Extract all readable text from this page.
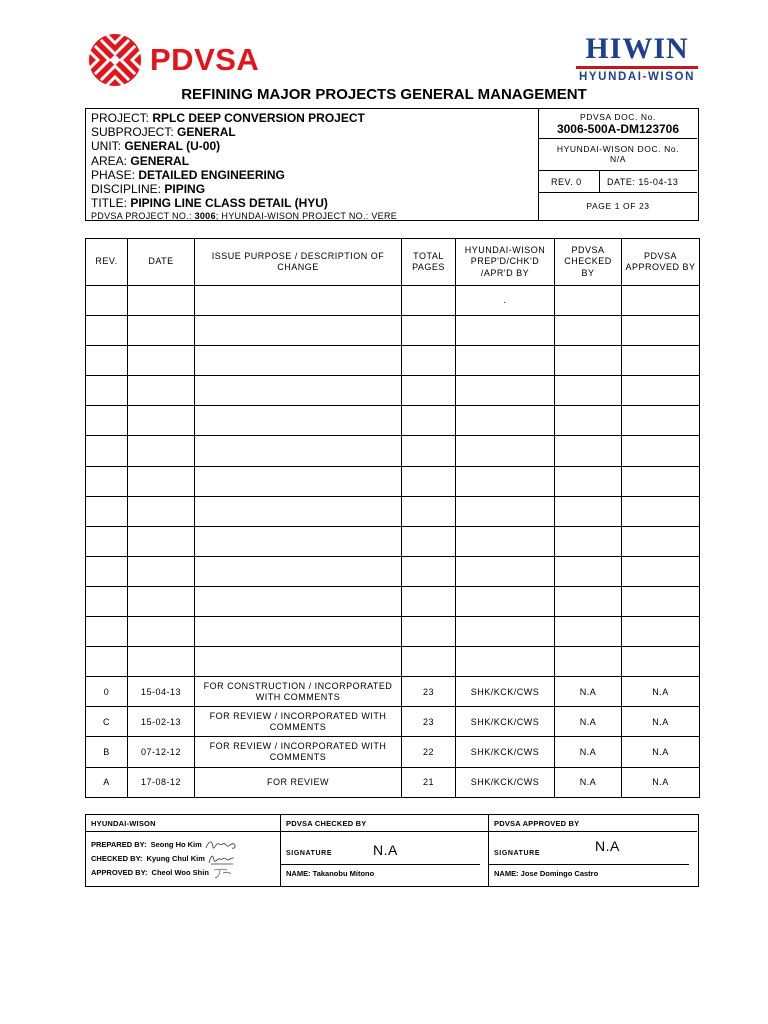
PDVSA	HIWIN
HYUNDAI-WISON
REFINING MAJOR PROJECTS GENERAL MANAGEMENT
PROJECT: RPLC DEEP CONVERSION PROJECT
SUBPROJECT: GENERAL
UNIT: GENERAL (U-00)
AREA: GENERAL
PHASE: DETAILED ENGINEERING
DISCIPLINE: PIPING
TITLE: PIPING LINE CLASS DETAIL (HYU)
PDVSA PROJECT NO.: 3006; HYUNDAI-WISON PROJECT NO.: VERE
PDVSA DOC. No.
3006-500A-DM123706
HYUNDAI-WISON DOC. No.
N/A
REV. 0	DATE: 15-04-13
PAGE 1 OF 23
REV.	DATE	ISSUE PURPOSE / DESCRIPTION OF CHANGE	TOTAL PAGES	HYUNDAI-WISON PREP'D/CHK'D /APR'D BY	PDVSA CHECKED BY	PDVSA APPROVED BY
				.		

0	15-04-13	FOR CONSTRUCTION / INCORPORATED WITH COMMENTS	23	SHK/KCK/CWS	N.A	N.A
C	15-02-13	FOR REVIEW / INCORPORATED WITH COMMENTS	23	SHK/KCK/CWS	N.A	N.A
B	07-12-12	FOR REVIEW / INCORPORATED WITH COMMENTS	22	SHK/KCK/CWS	N.A	N.A
A	17-08-12	FOR REVIEW	21	SHK/KCK/CWS	N.A	N.A
HYUNDAI-WISON
PREPARED BY: Seong Ho Kim
CHECKED BY: Kyung Chul Kim
APPROVED BY: Cheol Woo Shin
PDVSA CHECKED BY
SIGNATURE	N.A
NAME: Takanobu Mitono
PDVSA APPROVED BY
SIGNATURE	N.A
NAME: Jose Domingo Castro
